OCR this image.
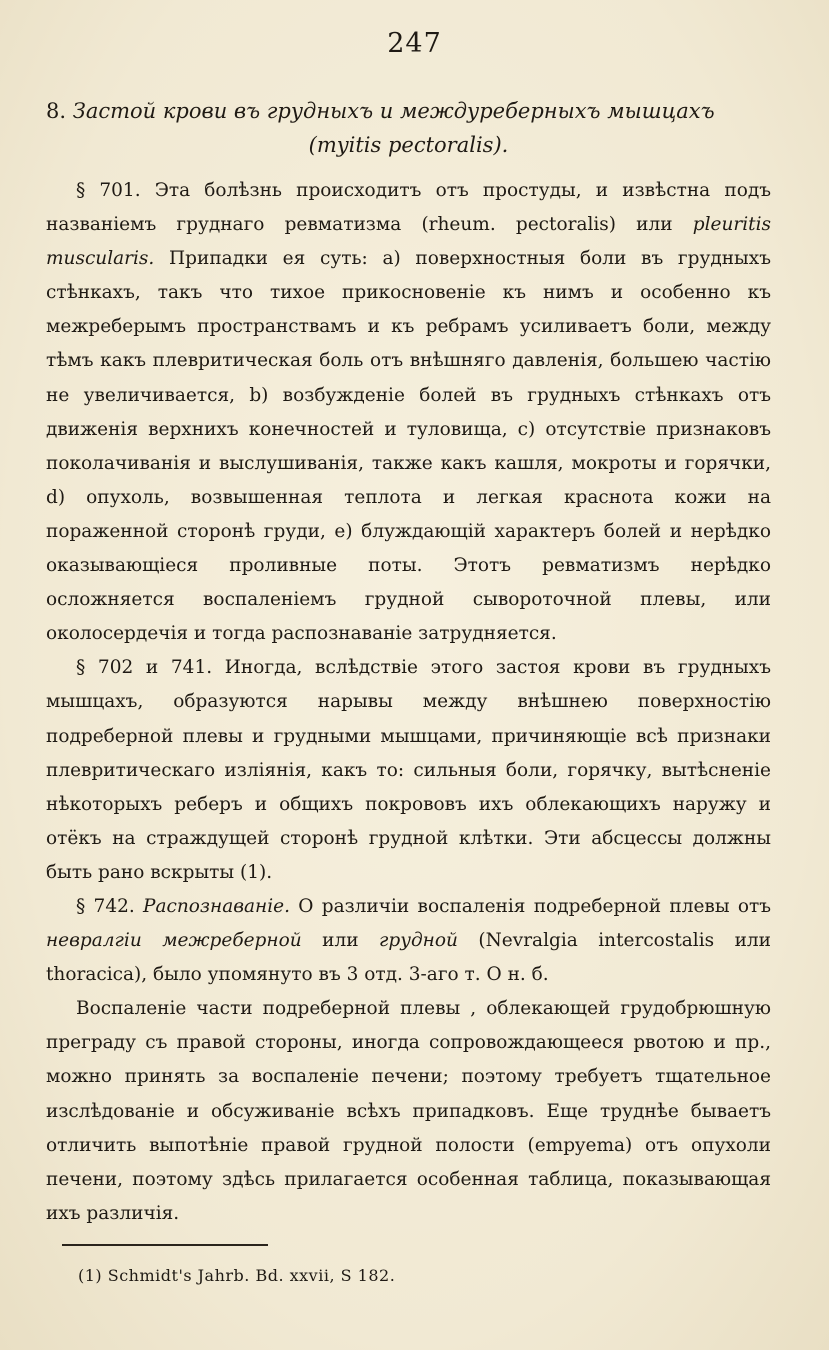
247
8. Застой крови въ грудныхъ и междуреберныхъ мышцахъ
(myitis pectoralis).

§ 701. Эта болѣзнь происходитъ отъ простуды, и извѣстна подъ названіемъ груднаго ревматизма (rheum. pectoralis) или pleuritis muscularis. Припадки ея суть: a) поверхностныя боли въ грудныхъ стѣнкахъ, такъ что тихое прикосновеніе къ нимъ и особенно къ межреберымъ пространствамъ и къ ребрамъ усиливаетъ боли, между тѣмъ какъ плевритическая боль отъ внѣшняго давленія, большею частію не увеличивается, b) возбужденіе болей въ грудныхъ стѣнкахъ отъ движенія верхнихъ конечностей и туловища, c) отсутствіе признаковъ поколачиванія и выслушиванія, также какъ кашля, мокроты и горячки, d) опухоль, возвышенная теплота и легкая краснота кожи на пораженной сторонѣ груди, e) блуждающій характеръ болей и нерѣдко оказывающіеся проливные поты. Этотъ ревматизмъ нерѣдко осложняется воспаленіемъ грудной сывороточной плевы, или околосердечія и тогда распознаваніе затрудняется.

§ 702 и 741. Иногда, вслѣдствіе этого застоя крови въ грудныхъ мышцахъ, образуются нарывы между внѣшнею поверхностію подреберной плевы и грудными мышцами, причиняющіе всѣ признаки плевритическаго изліянія, какъ то: сильныя боли, горячку, вытѣсненіе нѣкоторыхъ реберъ и общихъ покрововъ ихъ облекающихъ наружу и отёкъ на страждущей сторонѣ грудной клѣтки. Эти абсцессы должны быть рано вскрыты (1).

§ 742. Распознаваніе. О различіи воспаленія подреберной плевы отъ невралгіи межреберной или грудной (Nevralgia intercostalis или thoracica), было упомянуто въ 3 отд. 3-аго т. О н. б.

Воспаленіе части подреберной плевы , облекающей грудобрюшную преграду съ правой стороны, иногда сопровождающееся рвотою и пр., можно принять за воспаленіе печени; поэтому требуетъ тщательное изслѣдованіе и обсуживаніе всѣхъ припадковъ. Еще труднѣе бываетъ отличить выпотѣніе правой грудной полости (empyema) отъ опухоли печени, поэтому здѣсь прилагается особенная таблица, показывающая ихъ различія.

(1) Schmidt's Jahrb. Bd. xxvii, S 182.
